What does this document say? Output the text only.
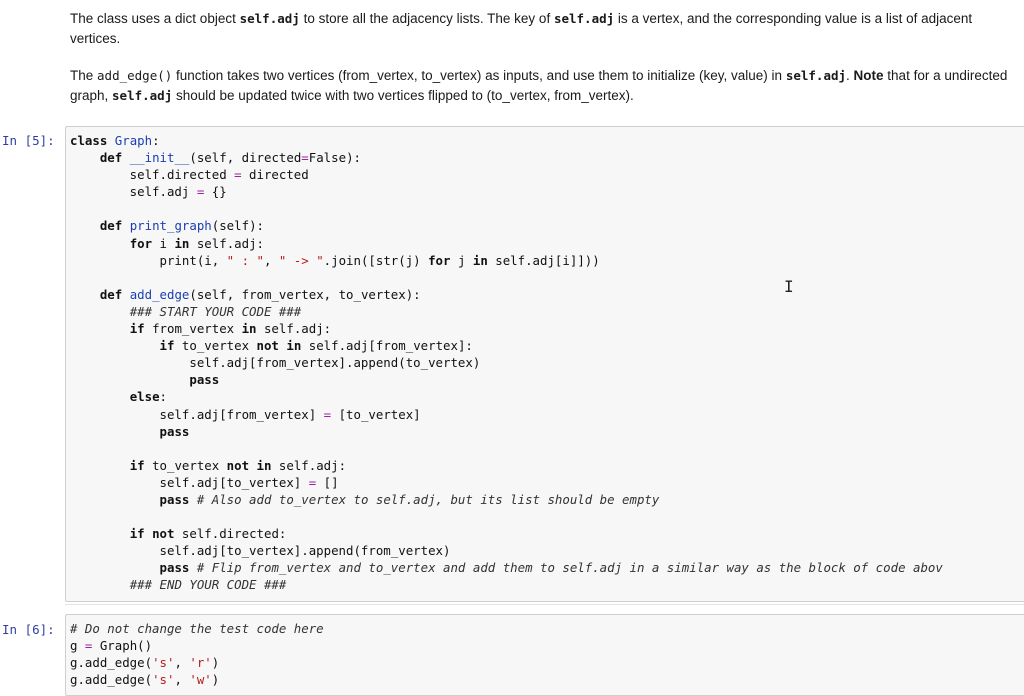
The class uses a dict object self.adj to store all the adjacency lists. The key of self.adj is a vertex, and the corresponding value is a list of adjacent vertices.

The add_edge() function takes two vertices (from_vertex, to_vertex) as inputs, and use them to initialize (key, value) in self.adj. Note that for a undirected graph, self.adj should be updated twice with two vertices flipped to (to_vertex, from_vertex).

In [5]:	class Graph:
def __init__(self, directed=False):
self.directed = directed
self.adj = {}

def print_graph(self):
for i in self.adj:
print(i, " : ", " -> ".join([str(j) for j in self.adj[i]]))

def add_edge(self, from_vertex, to_vertex):
### START YOUR CODE ###
if from_vertex in self.adj:
if to_vertex not in self.adj[from_vertex]:
self.adj[from_vertex].append(to_vertex)
pass
else:
self.adj[from_vertex] = [to_vertex]
pass

if to_vertex not in self.adj:
self.adj[to_vertex] = []
pass # Also add to_vertex to self.adj, but its list should be empty

if not self.directed:
self.adj[to_vertex].append(from_vertex)
pass # Flip from_vertex and to_vertex and add them to self.adj in a similar way as the block of code abov
### END YOUR CODE ###
In [6]:	# Do not change the test code here
g = Graph()
g.add_edge('s', 'r')
g.add_edge('s', 'w')
I
